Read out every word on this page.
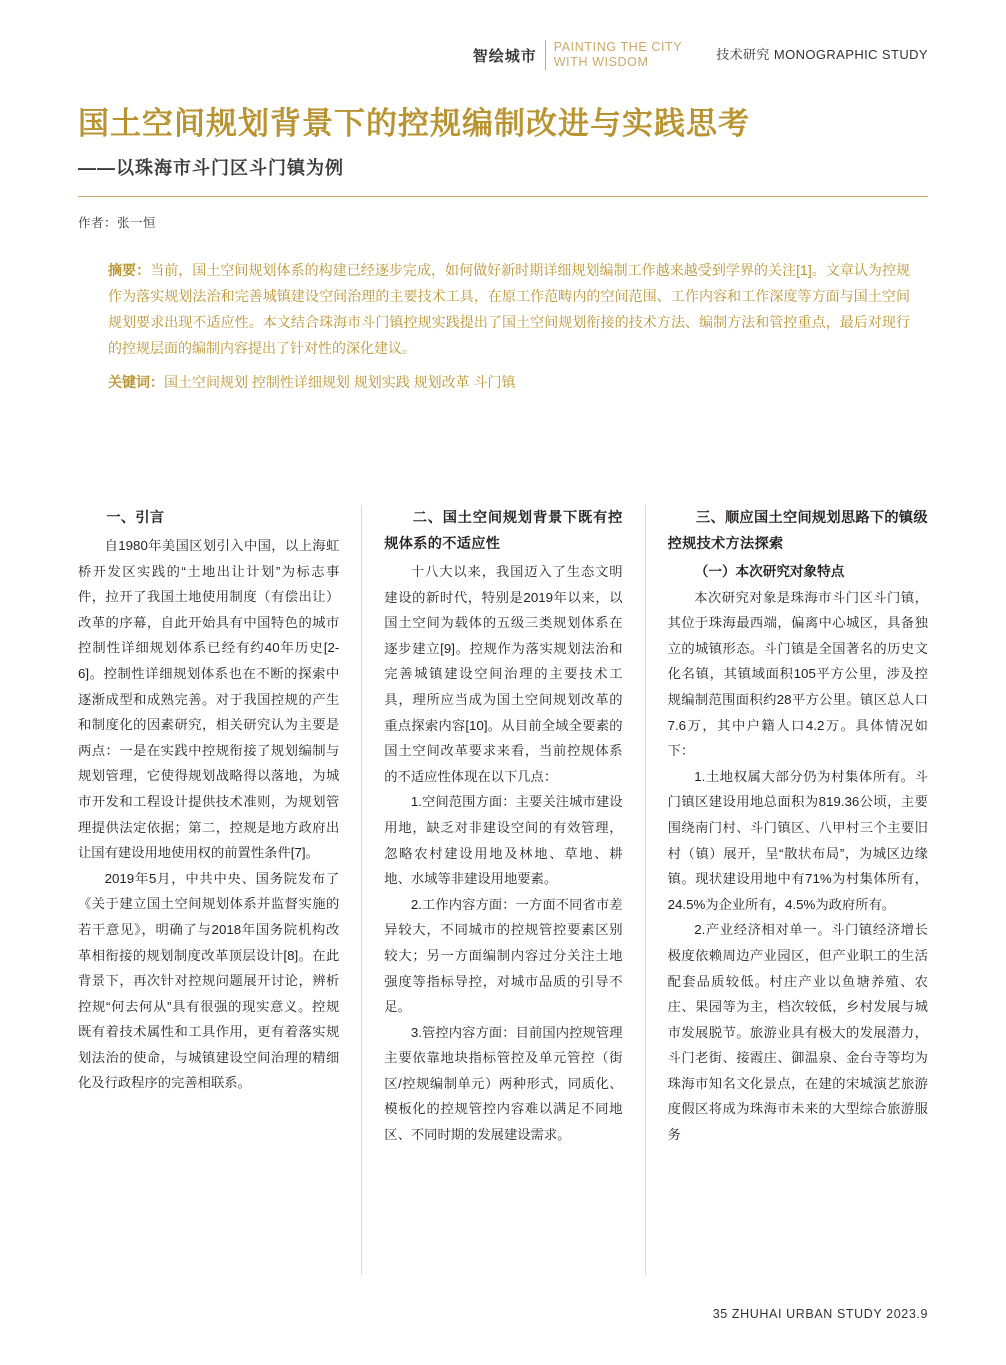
智绘城市
PAINTING THE CITY
WITH WISDOM	技术研究 MONOGRAPHIC STUDY
国土空间规划背景下的控规编制改进与实践思考
——以珠海市斗门区斗门镇为例
作者：张一恒
摘要：当前，国土空间规划体系的构建已经逐步完成，如何做好新时期详细规划编制工作越来越受到学界的关注[1]。文章认为控规作为落实规划法治和完善城镇建设空间治理的主要技术工具，在原工作范畴内的空间范围、工作内容和工作深度等方面与国土空间规划要求出现不适应性。本文结合珠海市斗门镇控规实践提出了国土空间规划衔接的技术方法、编制方法和管控重点，最后对现行的控规层面的编制内容提出了针对性的深化建议。
关键词：国土空间规划 控制性详细规划 规划实践 规划改革 斗门镇
一、引言

自1980年美国区划引入中国，以上海虹桥开发区实践的“土地出让计划”为标志事件，拉开了我国土地使用制度（有偿出让）改革的序幕，自此开始具有中国特色的城市控制性详细规划体系已经有约40年历史[2-6]。控制性详细规划体系也在不断的探索中逐渐成型和成熟完善。对于我国控规的产生和制度化的因素研究，相关研究认为主要是两点：一是在实践中控规衔接了规划编制与规划管理，它使得规划战略得以落地，为城市开发和工程设计提供技术准则，为规划管理提供法定依据；第二，控规是地方政府出让国有建设用地使用权的前置性条件[7]。

2019年5月，中共中央、国务院发布了《关于建立国土空间规划体系并监督实施的若干意见》，明确了与2018年国务院机构改革相衔接的规划制度改革顶层设计[8]。在此背景下，再次针对控规问题展开讨论，辨析控规“何去何从”具有很强的现实意义。控规既有着技术属性和工具作用，更有着落实规划法治的使命，与城镇建设空间治理的精细化及行政程序的完善相联系。

二、国土空间规划背景下既有控规体系的不适应性

十八大以来，我国迈入了生态文明建设的新时代，特别是2019年以来，以国土空间为载体的五级三类规划体系在逐步建立[9]。控规作为落实规划法治和完善城镇建设空间治理的主要技术工具，理所应当成为国土空间规划改革的重点探索内容[10]。从目前全域全要素的国土空间改革要求来看，当前控规体系的不适应性体现在以下几点：

1.空间范围方面：主要关注城市建设用地，缺乏对非建设空间的有效管理，忽略农村建设用地及林地、草地、耕地、水域等非建设用地要素。

2.工作内容方面：一方面不同省市差异较大，不同城市的控规管控要素区别较大；另一方面编制内容过分关注土地强度等指标导控，对城市品质的引导不足。

3.管控内容方面：目前国内控规管理主要依靠地块指标管控及单元管控（街区/控规编制单元）两种形式，同质化、模板化的控规管控内容难以满足不同地区、不同时期的发展建设需求。

三、顺应国土空间规划思路下的镇级控规技术方法探索
（一）本次研究对象特点

本次研究对象是珠海市斗门区斗门镇，其位于珠海最西端，偏离中心城区，具备独立的城镇形态。斗门镇是全国著名的历史文化名镇，其镇域面积105平方公里，涉及控规编制范围面积约28平方公里。镇区总人口7.6万，其中户籍人口4.2万。具体情况如下：

1.土地权属大部分仍为村集体所有。斗门镇区建设用地总面积为819.36公顷，主要围绕南门村、斗门镇区、八甲村三个主要旧村（镇）展开，呈“散状布局”，为城区边缘镇。现状建设用地中有71%为村集体所有，24.5%为企业所有，4.5%为政府所有。

2.产业经济相对单一。斗门镇经济增长极度依赖周边产业园区，但产业职工的生活配套品质较低。村庄产业以鱼塘养殖、农庄、果园等为主，档次较低，乡村发展与城市发展脱节。旅游业具有极大的发展潜力，斗门老街、接霞庄、御温泉、金台寺等均为珠海市知名文化景点，在建的宋城演艺旅游度假区将成为珠海市未来的大型综合旅游服务

35 ZHUHAI URBAN STUDY 2023.9
